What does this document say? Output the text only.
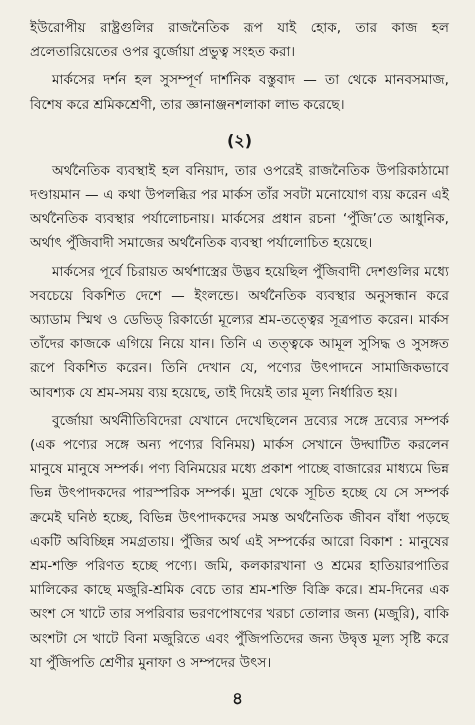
ইউরোপীয় রাষ্ট্রগুলির রাজনৈতিক রূপ যাই হোক, তার কাজ হল প্রলেতারিয়েতের ওপর বুর্জোয়া প্রভুত্ব সংহত করা।

মার্কসের দর্শন হল সুসম্পূর্ণ দার্শনিক বস্তুবাদ — তা থেকে মানবসমাজ, বিশেষ করে শ্রমিকশ্রেণী, তার জ্ঞানাঞ্জনশলাকা লাভ করেছে।

(২)

অর্থনৈতিক ব্যবস্থাই হল বনিয়াদ, তার ওপরেই রাজনৈতিক উপরিকাঠামো দণ্ডায়মান — এ কথা উপলব্ধির পর মার্কস তাঁর সবটা মনোযোগ ব্যয় করেন এই অর্থনৈতিক ব্যবস্থার পর্যালোচনায়। মার্কসের প্রধান রচনা ‘পুঁজি’তে আধুনিক, অর্থাৎ পুঁজিবাদী সমাজের অর্থনৈতিক ব্যবস্থা পর্যালোচিত হয়েছে।

মার্কসের পূর্বে চিরায়ত অর্থশাস্ত্রের উদ্ভব হয়েছিল পুঁজিবাদী দেশগুলির মধ্যে সবচেয়ে বিকশিত দেশে — ইংলন্ডে। অর্থনৈতিক ব্যবস্থার অনুসন্ধান করে অ্যাডাম স্মিথ ও ডেভিড্ রিকার্ডো মূল্যের শ্রম-তত্ত্বের সূত্রপাত করেন। মার্কস তাঁদের কাজকে এগিয়ে নিয়ে যান। তিনি এ তত্ত্বকে আমূল সুসিদ্ধ ও সুসঙ্গত রূপে বিকশিত করেন। তিনি দেখান যে, পণ্যের উৎপাদনে সামাজিকভাবে আবশ্যক যে শ্রম-সময় ব্যয় হয়েছে, তাই দিয়েই তার মূল্য নির্ধারিত হয়।

বুর্জোয়া অর্থনীতিবিদেরা যেখানে দেখেছিলেন দ্রব্যের সঙ্গে দ্রব্যের সম্পর্ক (এক পণ্যের সঙ্গে অন্য পণ্যের বিনিময়) মার্কস সেখানে উদ্ঘাটিত করলেন মানুষে মানুষে সম্পর্ক। পণ্য বিনিময়ের মধ্যে প্রকাশ পাচ্ছে বাজারের মাধ্যমে ভিন্ন ভিন্ন উৎপাদকদের পারস্পরিক সম্পর্ক। মুদ্রা থেকে সূচিত হচ্ছে যে সে সম্পর্ক ক্রমেই ঘনিষ্ঠ হচ্ছে, বিভিন্ন উৎপাদকদের সমস্ত অর্থনৈতিক জীবন বাঁধা পড়ছে একটি অবিচ্ছিন্ন সমগ্রতায়। পুঁজির অর্থ এই সম্পর্কের আরো বিকাশ : মানুষের শ্রম-শক্তি পরিণত হচ্ছে পণ্যে। জমি, কলকারখানা ও শ্রমের হাতিয়ারপাতির মালিকের কাছে মজুরি-শ্রমিক বেচে তার শ্রম-শক্তি বিক্রি করে। শ্রম-দিনের এক অংশ সে খাটে তার সপরিবার ভরণপোষণের খরচা তোলার জন্য (মজুরি), বাকি অংশটা সে খাটে বিনা মজুরিতে এবং পুঁজিপতিদের জন্য উদ্বৃত্ত মূল্য সৃষ্টি করে যা পুঁজিপতি শ্রেণীর মুনাফা ও সম্পদের উৎস।

৪
